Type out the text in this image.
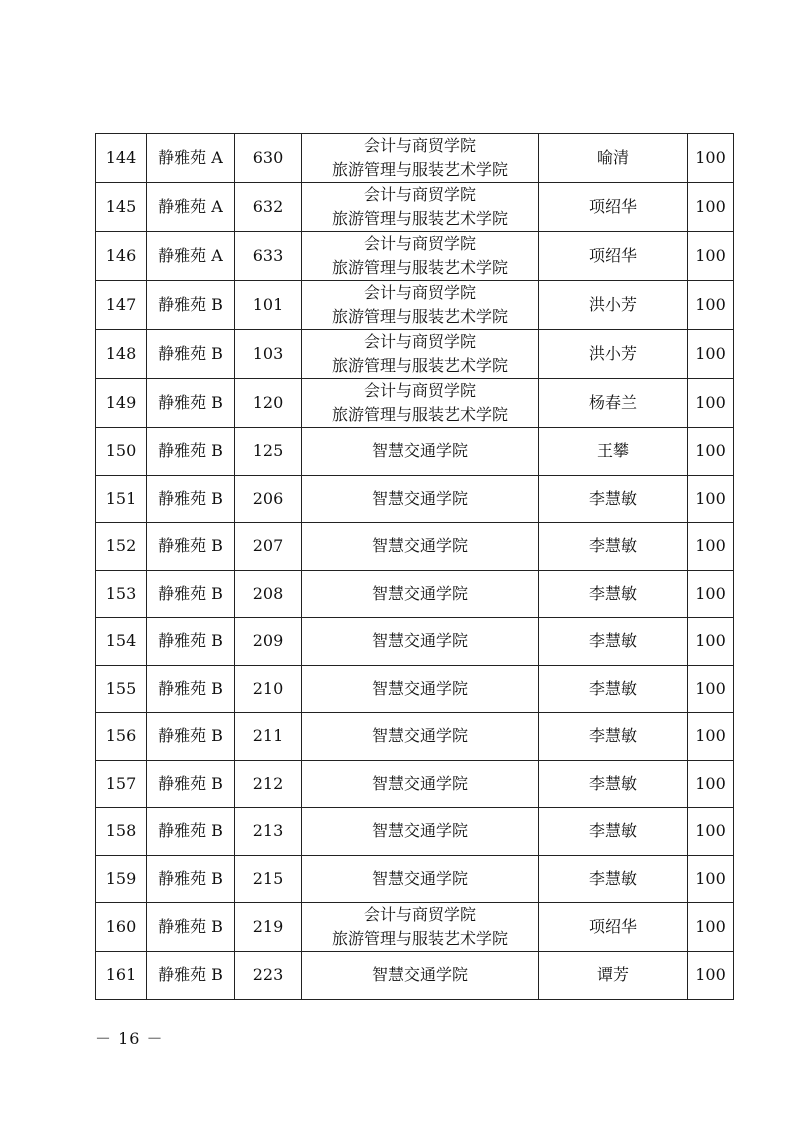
144	静雅苑 A	630	会计与商贸学院
旅游管理与服装艺术学院	喻清	100
145	静雅苑 A	632	会计与商贸学院
旅游管理与服装艺术学院	项绍华	100
146	静雅苑 A	633	会计与商贸学院
旅游管理与服装艺术学院	项绍华	100
147	静雅苑 B	101	会计与商贸学院
旅游管理与服装艺术学院	洪小芳	100
148	静雅苑 B	103	会计与商贸学院
旅游管理与服装艺术学院	洪小芳	100
149	静雅苑 B	120	会计与商贸学院
旅游管理与服装艺术学院	杨春兰	100
150	静雅苑 B	125	智慧交通学院	王攀	100
151	静雅苑 B	206	智慧交通学院	李慧敏	100
152	静雅苑 B	207	智慧交通学院	李慧敏	100
153	静雅苑 B	208	智慧交通学院	李慧敏	100
154	静雅苑 B	209	智慧交通学院	李慧敏	100
155	静雅苑 B	210	智慧交通学院	李慧敏	100
156	静雅苑 B	211	智慧交通学院	李慧敏	100
157	静雅苑 B	212	智慧交通学院	李慧敏	100
158	静雅苑 B	213	智慧交通学院	李慧敏	100
159	静雅苑 B	215	智慧交通学院	李慧敏	100
160	静雅苑 B	219	会计与商贸学院
旅游管理与服装艺术学院	项绍华	100
161	静雅苑 B	223	智慧交通学院	谭芳	100
－ 16 －
